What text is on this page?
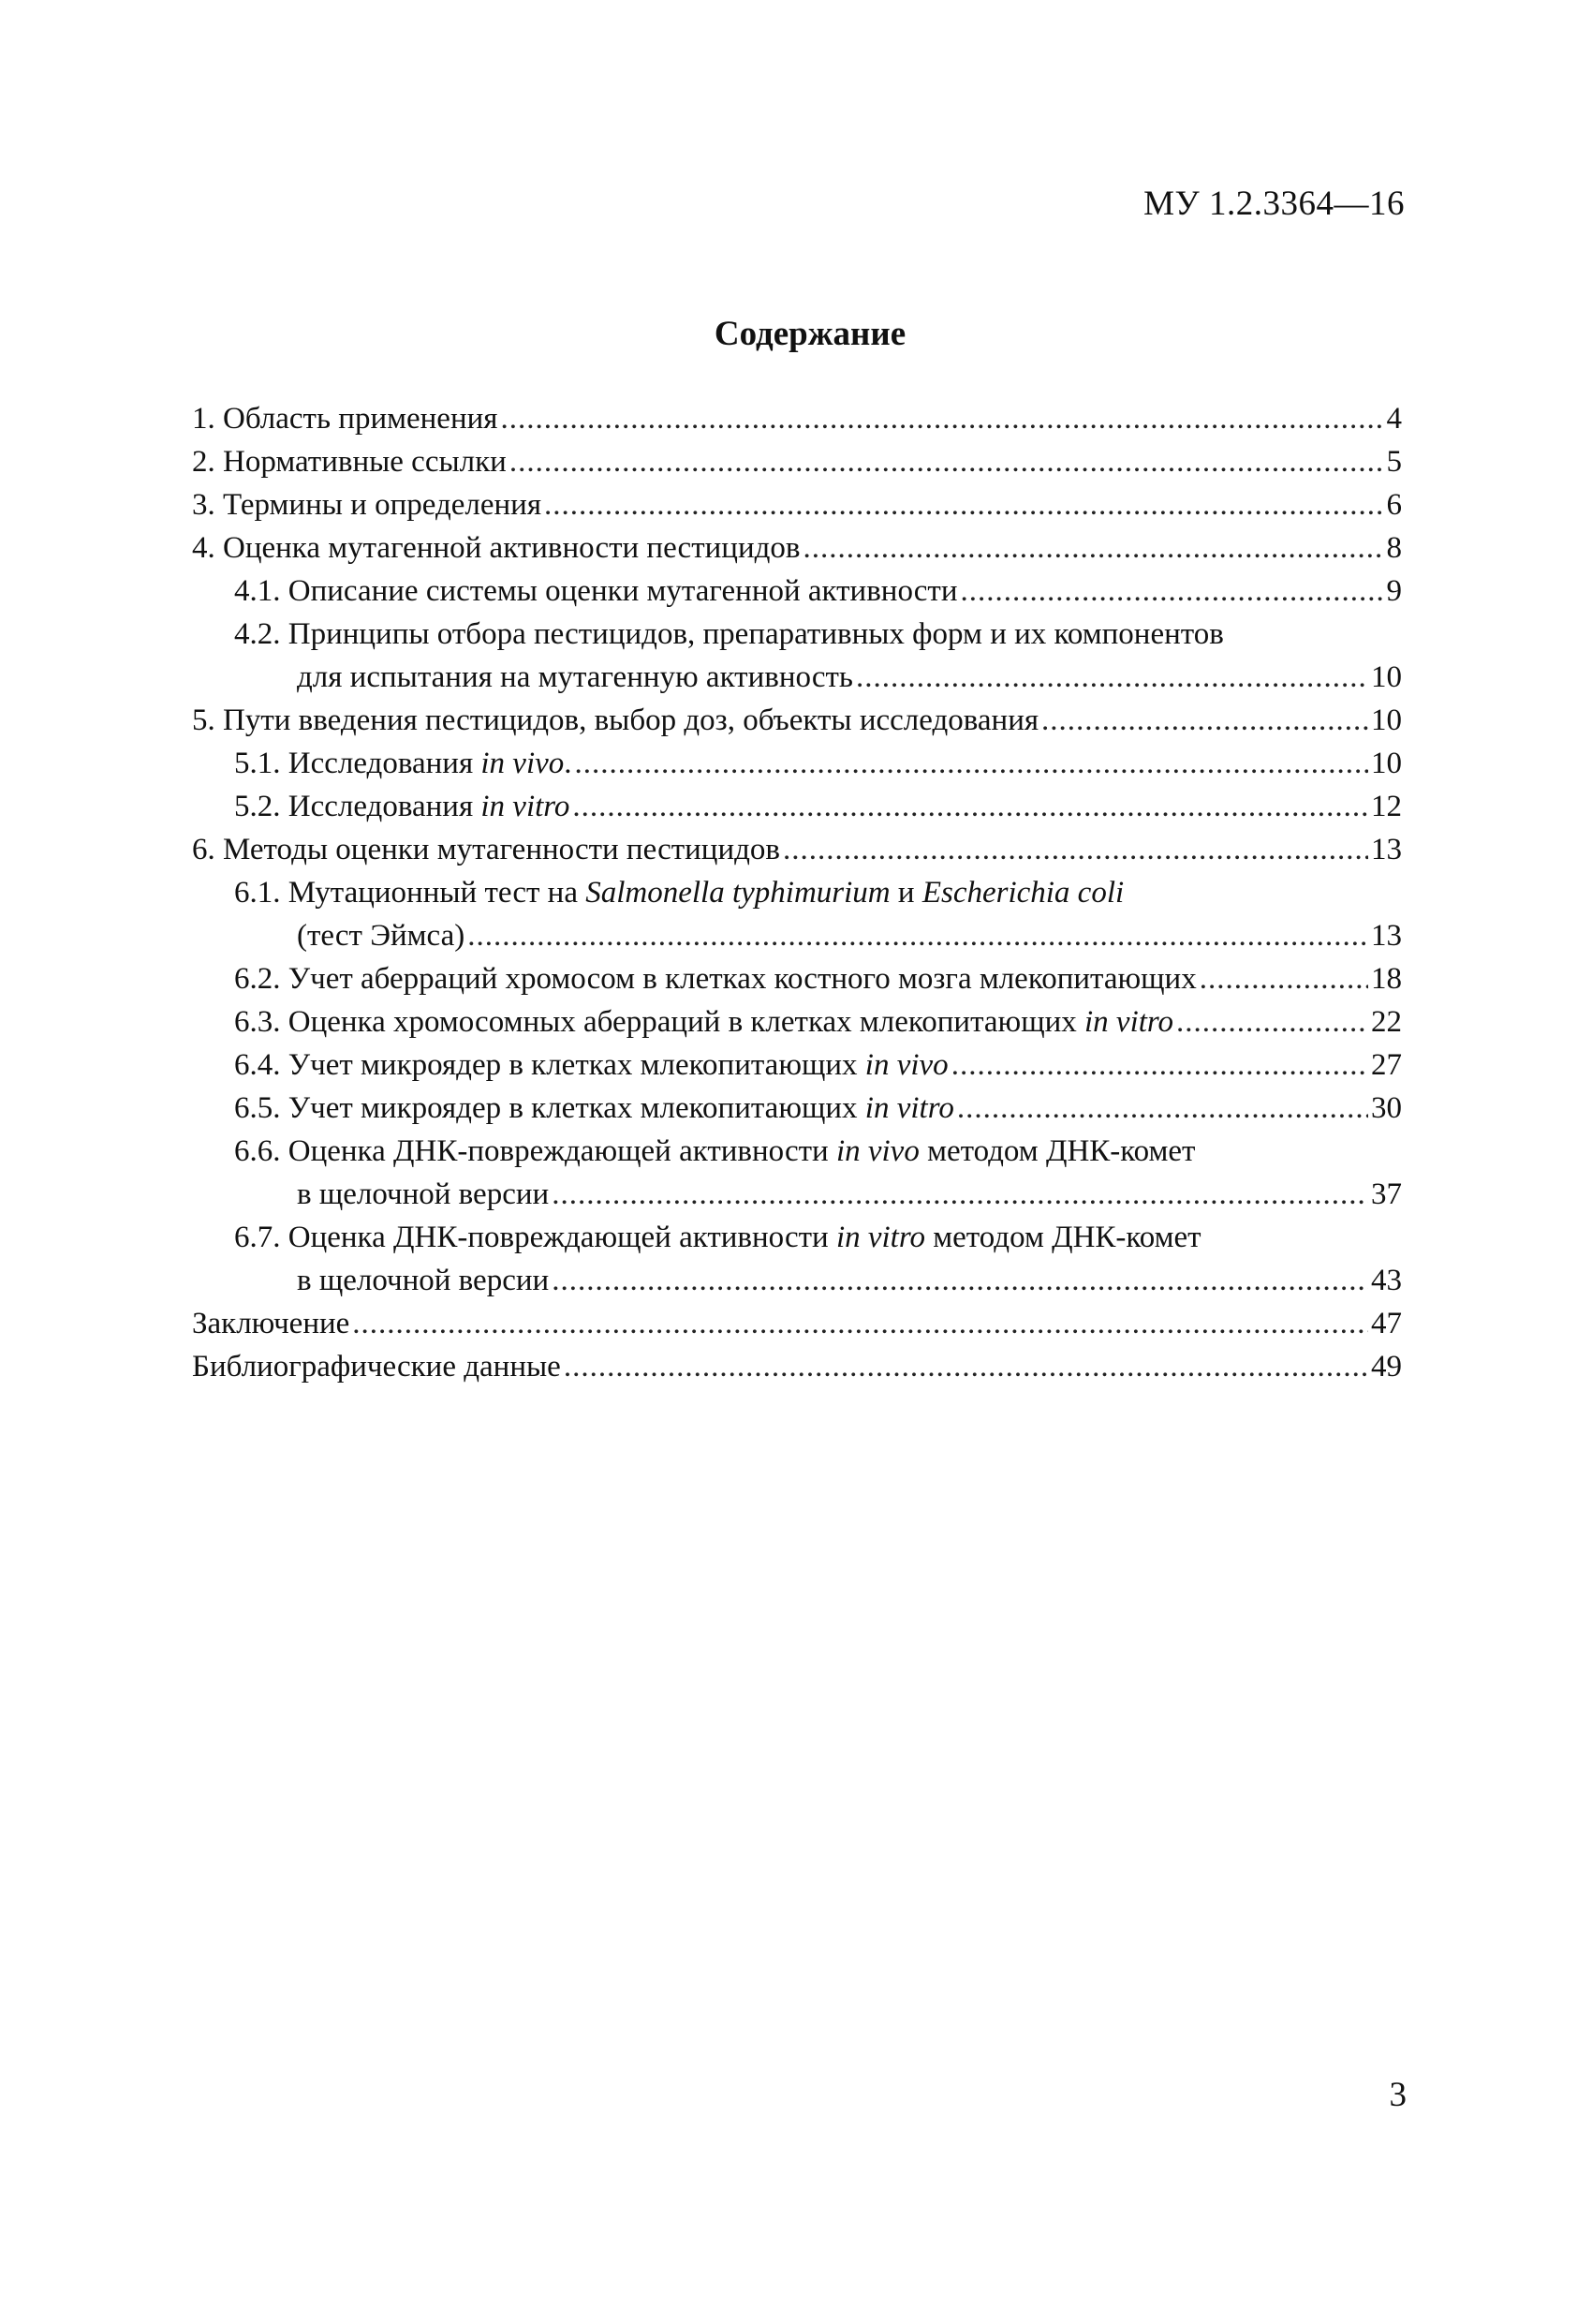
МУ 1.2.3364—16
Содержание
1. Область применения .....	4
2. Нормативные ссылки .....	5
3. Термины и определения .....	6
4. Оценка мутагенной активности пестицидов .....	8
4.1. Описание системы оценки мутагенной активности .....	9
4.2. Принципы отбора пестицидов, препаративных форм и их компонентов
для испытания на мутагенную активность .....	10
5. Пути введения пестицидов, выбор доз, объекты исследования .....	10
5.1. Исследования in vivo. .....	10
5.2. Исследования in vitro .....	12
6. Методы оценки мутагенности пестицидов .....	13
6.1. Мутационный тест на Salmonella typhimurium и Escherichia coli
(тест Эймса) .....	13
6.2. Учет аберраций хромосом в клетках костного мозга млекопитающих .....	18
6.3. Оценка хромосомных аберраций в клетках млекопитающих in vitro .....	22
6.4. Учет микроядер в клетках млекопитающих in vivo .....	27
6.5. Учет микроядер в клетках млекопитающих in vitro .....	30
6.6. Оценка ДНК-повреждающей активности in vivo методом ДНК-комет
в щелочной версии .....	37
6.7. Оценка ДНК-повреждающей активности in vitro методом ДНК-комет
в щелочной версии .....	43
Заключение .....	47
Библиографические данные .....	49
3
